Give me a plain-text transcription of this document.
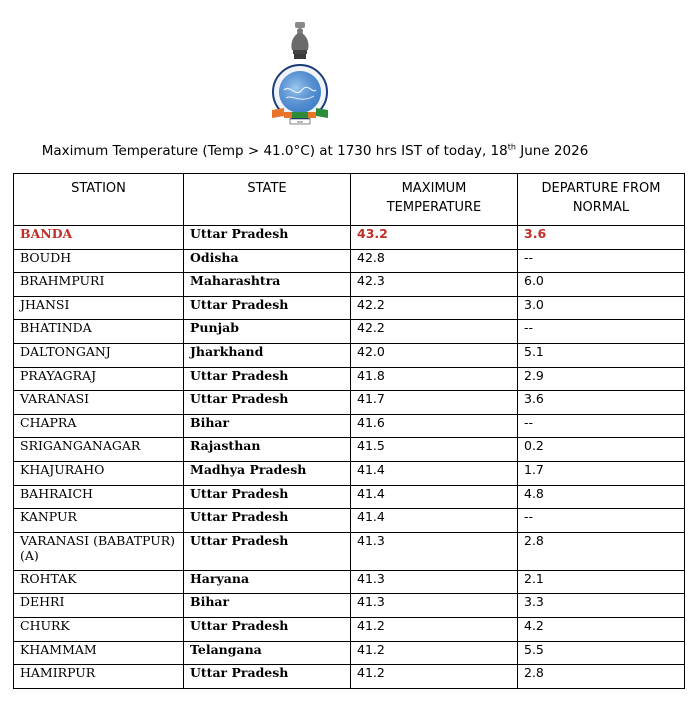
IMD
Maximum Temperature (Temp > 41.0°C) at 1730 hrs IST of today, 18th June 2026
STATION	STATE	MAXIMUM TEMPERATURE	DEPARTURE FROM NORMAL
BANDA	Uttar Pradesh	43.2	3.6
BOUDH	Odisha	42.8	--
BRAHMPURI	Maharashtra	42.3	6.0
JHANSI	Uttar Pradesh	42.2	3.0
BHATINDA	Punjab	42.2	--
DALTONGANJ	Jharkhand	42.0	5.1
PRAYAGRAJ	Uttar Pradesh	41.8	2.9
VARANASI	Uttar Pradesh	41.7	3.6
CHAPRA	Bihar	41.6	--
SRIGANGANAGAR	Rajasthan	41.5	0.2
KHAJURAHO	Madhya Pradesh	41.4	1.7
BAHRAICH	Uttar Pradesh	41.4	4.8
KANPUR	Uttar Pradesh	41.4	--
VARANASI (BABATPUR) (A)	Uttar Pradesh	41.3	2.8
ROHTAK	Haryana	41.3	2.1
DEHRI	Bihar	41.3	3.3
CHURK	Uttar Pradesh	41.2	4.2
KHAMMAM	Telangana	41.2	5.5
HAMIRPUR	Uttar Pradesh	41.2	2.8
